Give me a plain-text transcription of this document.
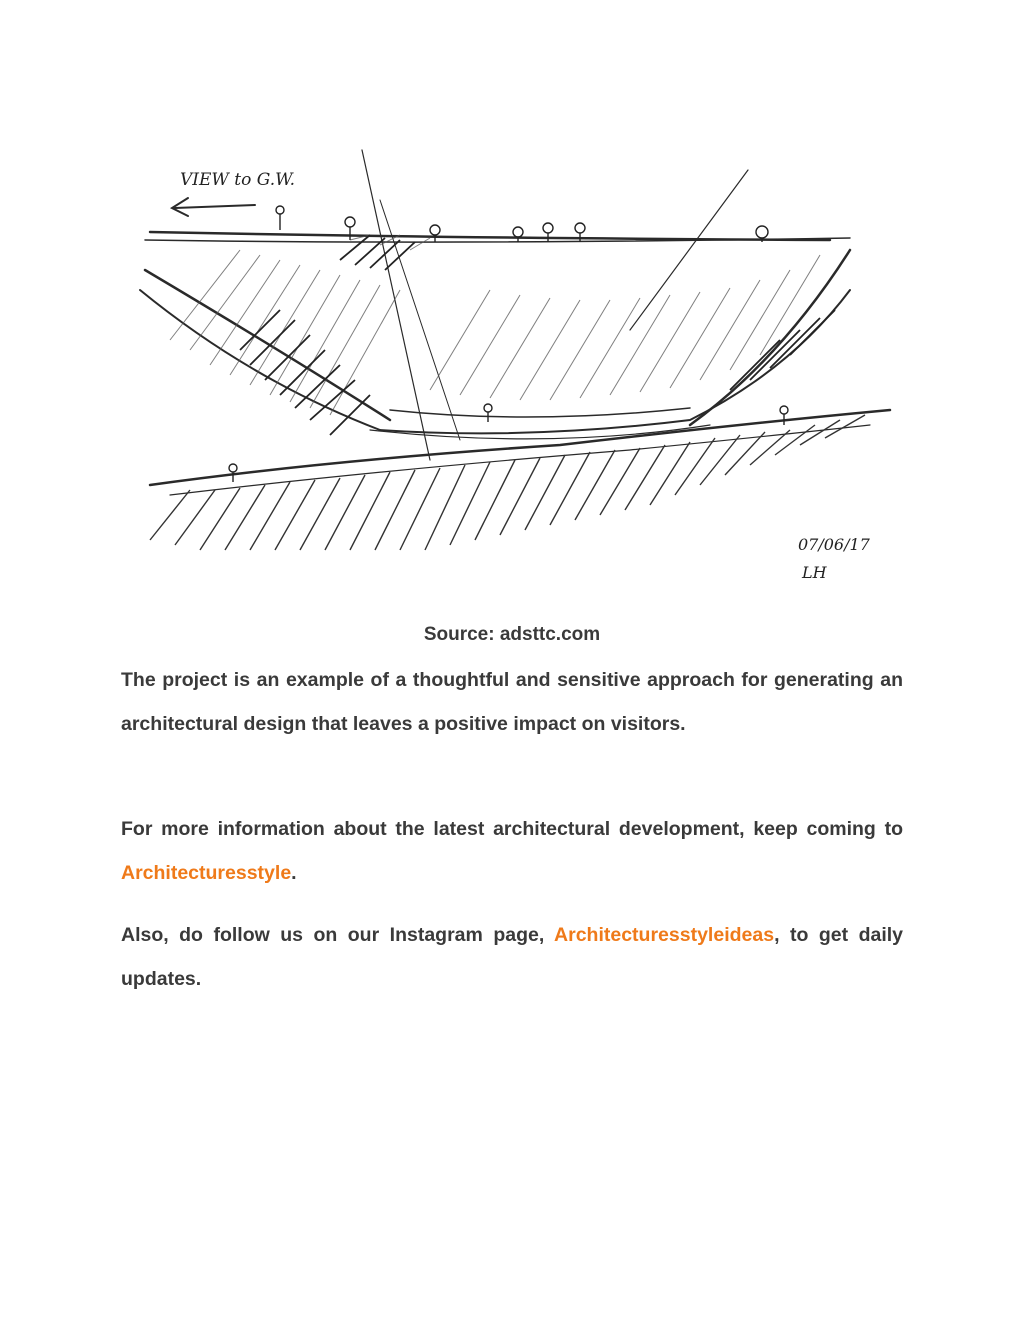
VIEW to G.W.
07/06/17
LH
Source: adsttc.com
The project is an example of a thoughtful and sensitive approach for generating an architectural design that leaves a positive impact on visitors.
For more information about the latest architectural development, keep coming to Architecturesstyle.
Also, do follow us on our Instagram page, Architecturesstyleideas, to get daily updates.
